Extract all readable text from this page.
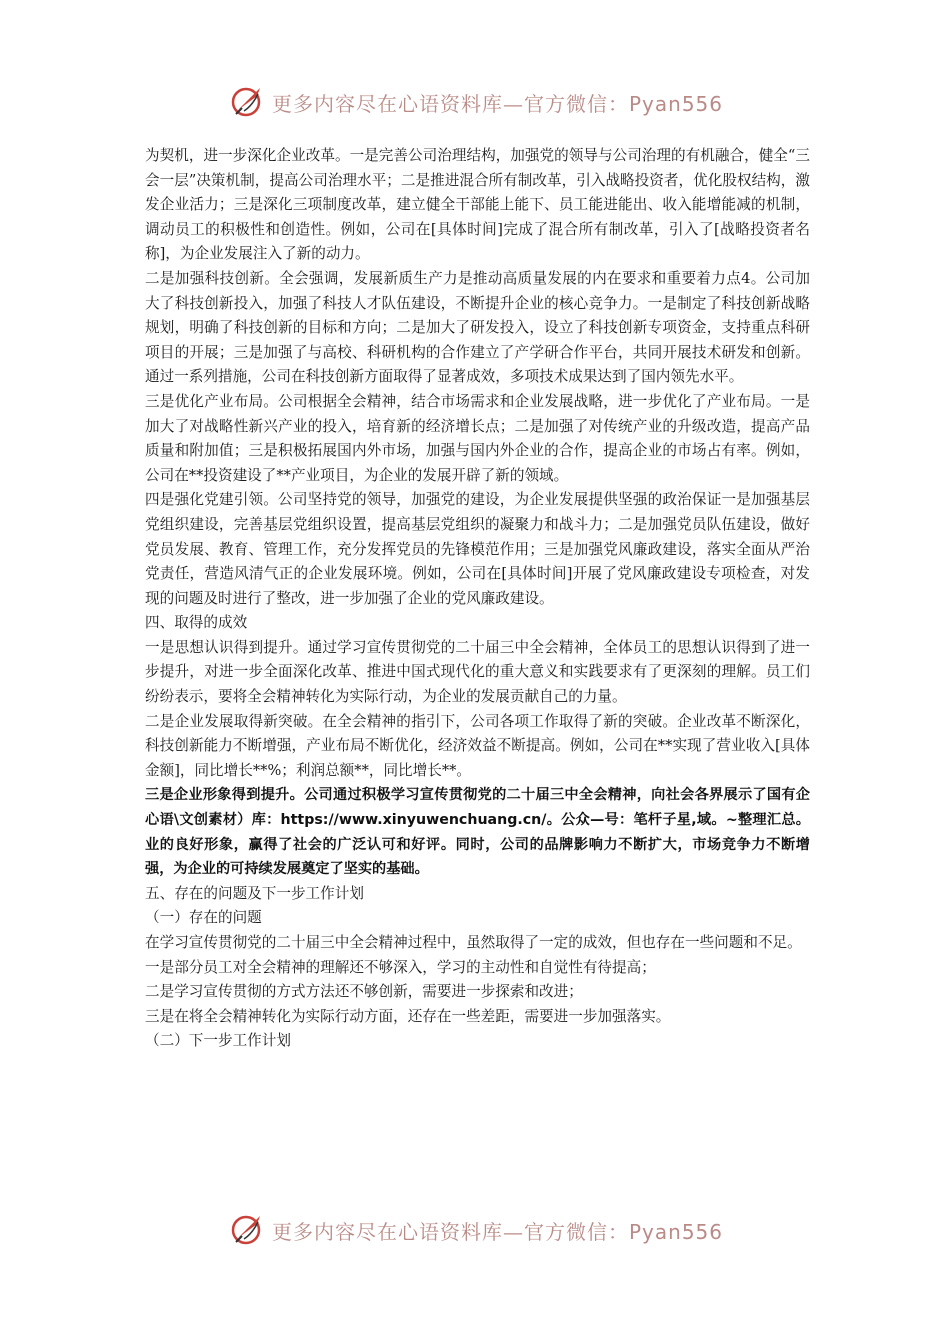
更多内容尽在心语资料库—官方微信：Pyan556

为契机，进一步深化企业改革。一是完善公司治理结构，加强党的领导与公司治理的有机融合，健全“三会一层”决策机制，提高公司治理水平；二是推进混合所有制改革，引入战略投资者，优化股权结构，激发企业活力；三是深化三项制度改革，建立健全干部能上能下、员工能进能出、收入能增能减的机制，调动员工的积极性和创造性。例如，公司在[具体时间]完成了混合所有制改革，引入了[战略投资者名称]，为企业发展注入了新的动力。

二是加强科技创新。全会强调，发展新质生产力是推动高质量发展的内在要求和重要着力点4。公司加大了科技创新投入，加强了科技人才队伍建设，不断提升企业的核心竞争力。一是制定了科技创新战略规划，明确了科技创新的目标和方向；二是加大了研发投入，设立了科技创新专项资金，支持重点科研项目的开展；三是加强了与高校、科研机构的合作建立了产学研合作平台，共同开展技术研发和创新。通过一系列措施，公司在科技创新方面取得了显著成效，多项技术成果达到了国内领先水平。

三是优化产业布局。公司根据全会精神，结合市场需求和企业发展战略，进一步优化了产业布局。一是加大了对战略性新兴产业的投入，培育新的经济增长点；二是加强了对传统产业的升级改造，提高产品质量和附加值；三是积极拓展国内外市场，加强与国内外企业的合作，提高企业的市场占有率。例如，公司在**投资建设了**产业项目，为企业的发展开辟了新的领域。

四是强化党建引领。公司坚持党的领导，加强党的建设，为企业发展提供坚强的政治保证一是加强基层党组织建设，完善基层党组织设置，提高基层党组织的凝聚力和战斗力；二是加强党员队伍建设，做好党员发展、教育、管理工作，充分发挥党员的先锋模范作用；三是加强党风廉政建设，落实全面从严治党责任，营造风清气正的企业发展环境。例如，公司在[具体时间]开展了党风廉政建设专项检查，对发现的问题及时进行了整改，进一步加强了企业的党风廉政建设。

四、取得的成效

一是思想认识得到提升。通过学习宣传贯彻党的二十届三中全会精神，全体员工的思想认识得到了进一步提升，对进一步全面深化改革、推进中国式现代化的重大意义和实践要求有了更深刻的理解。员工们纷纷表示，要将全会精神转化为实际行动，为企业的发展贡献自己的力量。

二是企业发展取得新突破。在全会精神的指引下，公司各项工作取得了新的突破。企业改革不断深化，科技创新能力不断增强，产业布局不断优化，经济效益不断提高。例如，公司在**实现了营业收入[具体金额]，同比增长**%；利润总额**，同比增长**。

三是企业形象得到提升。公司通过积极学习宣传贯彻党的二十届三中全会精神，向社会各界展示了国有企心语\文创素材）库：https://www.xinyuwenchuang.cn/。公众—号：笔杆子星,域。~整理汇总。业的良好形象，赢得了社会的广泛认可和好评。同时，公司的品牌影响力不断扩大，市场竞争力不断增强，为企业的可持续发展奠定了坚实的基础。

五、存在的问题及下一步工作计划

（一）存在的问题

在学习宣传贯彻党的二十届三中全会精神过程中，虽然取得了一定的成效，但也存在一些问题和不足。

一是部分员工对全会精神的理解还不够深入，学习的主动性和自觉性有待提高；

二是学习宣传贯彻的方式方法还不够创新，需要进一步探索和改进；

三是在将全会精神转化为实际行动方面，还存在一些差距，需要进一步加强落实。

（二）下一步工作计划

更多内容尽在心语资料库—官方微信：Pyan556
